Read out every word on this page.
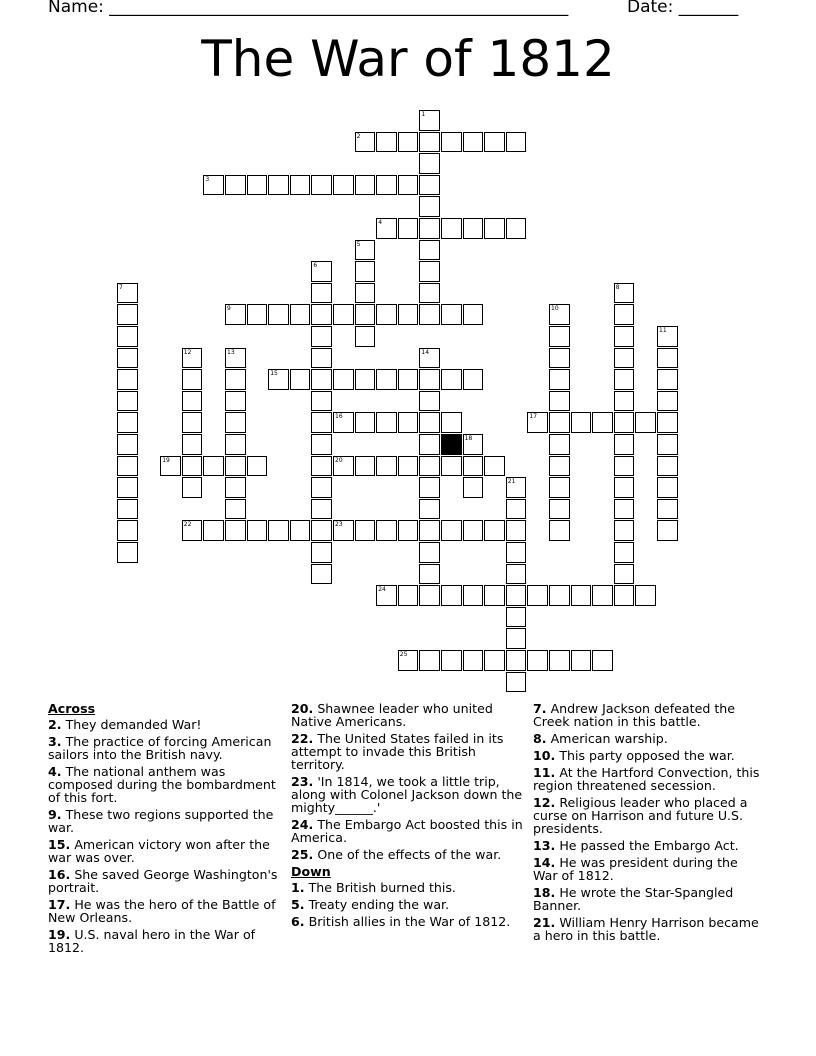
Name: ______________________________________________________	Date: _______
The War of 1812
1
2
3
4
5
6
7	8
9	10
11
12	13	14
15
16	17
18
19	20
21
22	23
24
25
Across
2. They demanded War!
3. The practice of forcing American sailors into the British navy.
4. The national anthem was composed during the bombardment of this fort.
9. These two regions supported the war.
15. American victory won after the war was over.
16. She saved George Washington's portrait.
17. He was the hero of the Battle of New Orleans.
19. U.S. naval hero in the War of 1812.
20. Shawnee leader who united Native Americans.
22. The United States failed in its attempt to invade this British territory.
23. 'In 1814, we took a little trip, along with Colonel Jackson down the mighty______.'
24. The Embargo Act boosted this in America.
25. One of the effects of the war.
Down
1. The British burned this.
5. Treaty ending the war.
6. British allies in the War of 1812.
7. Andrew Jackson defeated the Creek nation in this battle.
8. American warship.
10. This party opposed the war.
11. At the Hartford Convection, this region threatened secession.
12. Religious leader who placed a curse on Harrison and future U.S. presidents.
13. He passed the Embargo Act.
14. He was president during the War of 1812.
18. He wrote the Star-Spangled Banner.
21. William Henry Harrison became a hero in this battle.
